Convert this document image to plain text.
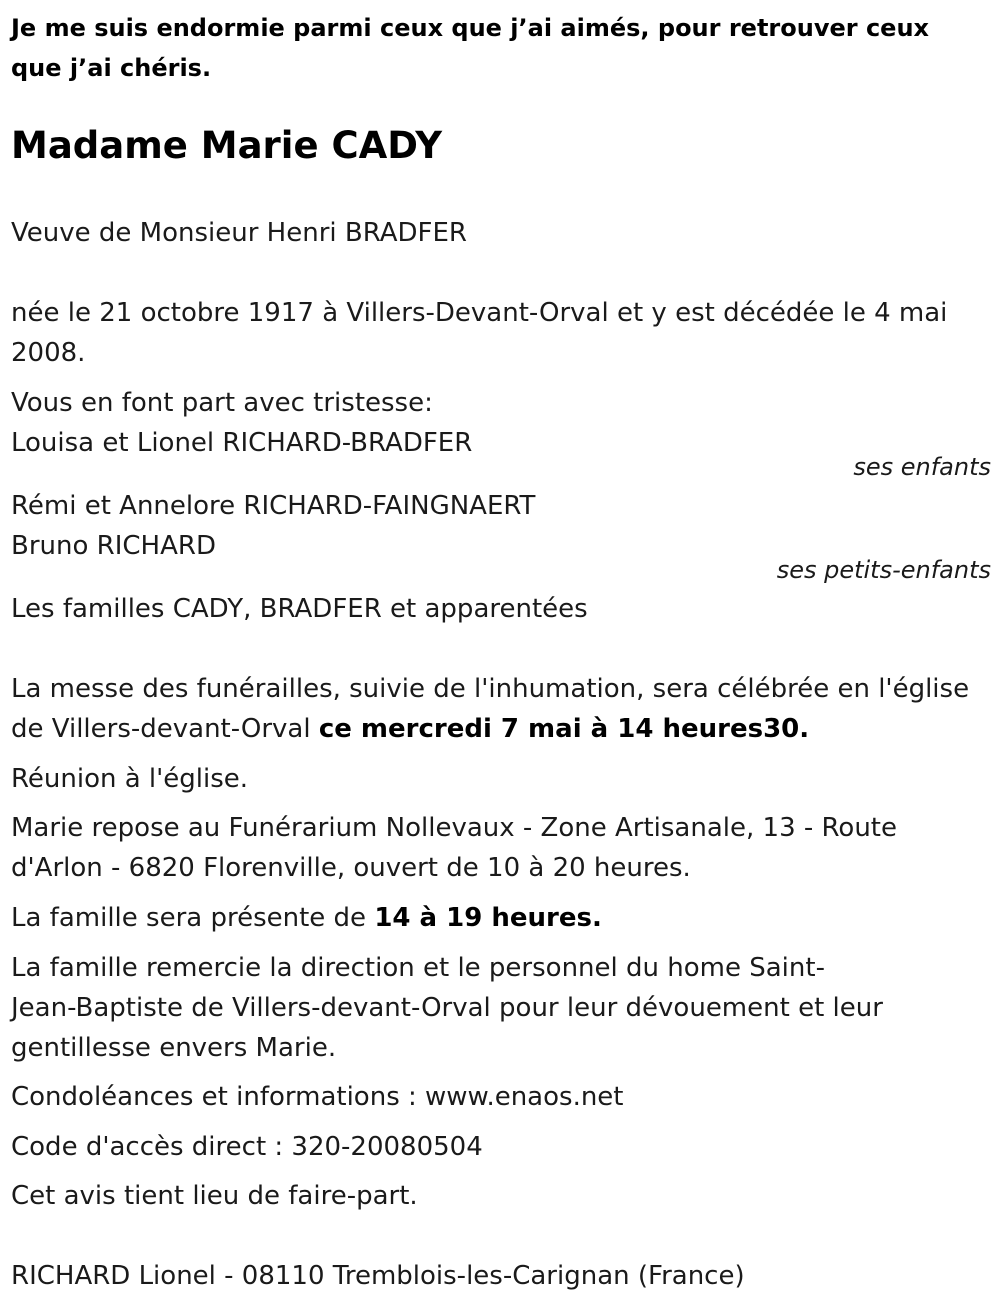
Je me suis endormie parmi ceux que j’ai aimés, pour retrouver ceux que j’ai chéris.
Madame Marie CADY
Veuve de Monsieur Henri BRADFER
née le 21 octobre 1917 à Villers-Devant-Orval et y est décédée le 4 mai 2008.
Vous en font part avec tristesse:
Louisa et Lionel RICHARD-BRADFER
ses enfants
Rémi et Annelore RICHARD-FAINGNAERT
Bruno RICHARD
ses petits-enfants
Les familles CADY, BRADFER et apparentées
La messe des funérailles, suivie de l'inhumation, sera célébrée en l'église
de Villers-devant-Orval ce mercredi 7 mai à 14 heures30.
Réunion à l'église.
Marie repose au Funérarium Nollevaux - Zone Artisanale, 13 - Route
d'Arlon - 6820 Florenville, ouvert de 10 à 20 heures.
La famille sera présente de 14 à 19 heures.
La famille remercie la direction et le personnel du home Saint-
Jean-Baptiste de Villers-devant-Orval pour leur dévouement et leur
gentillesse envers Marie.
Condoléances et informations : www.enaos.net
Code d'accès direct : 320-20080504
Cet avis tient lieu de faire-part.
RICHARD Lionel - 08110 Tremblois-les-Carignan (France)
